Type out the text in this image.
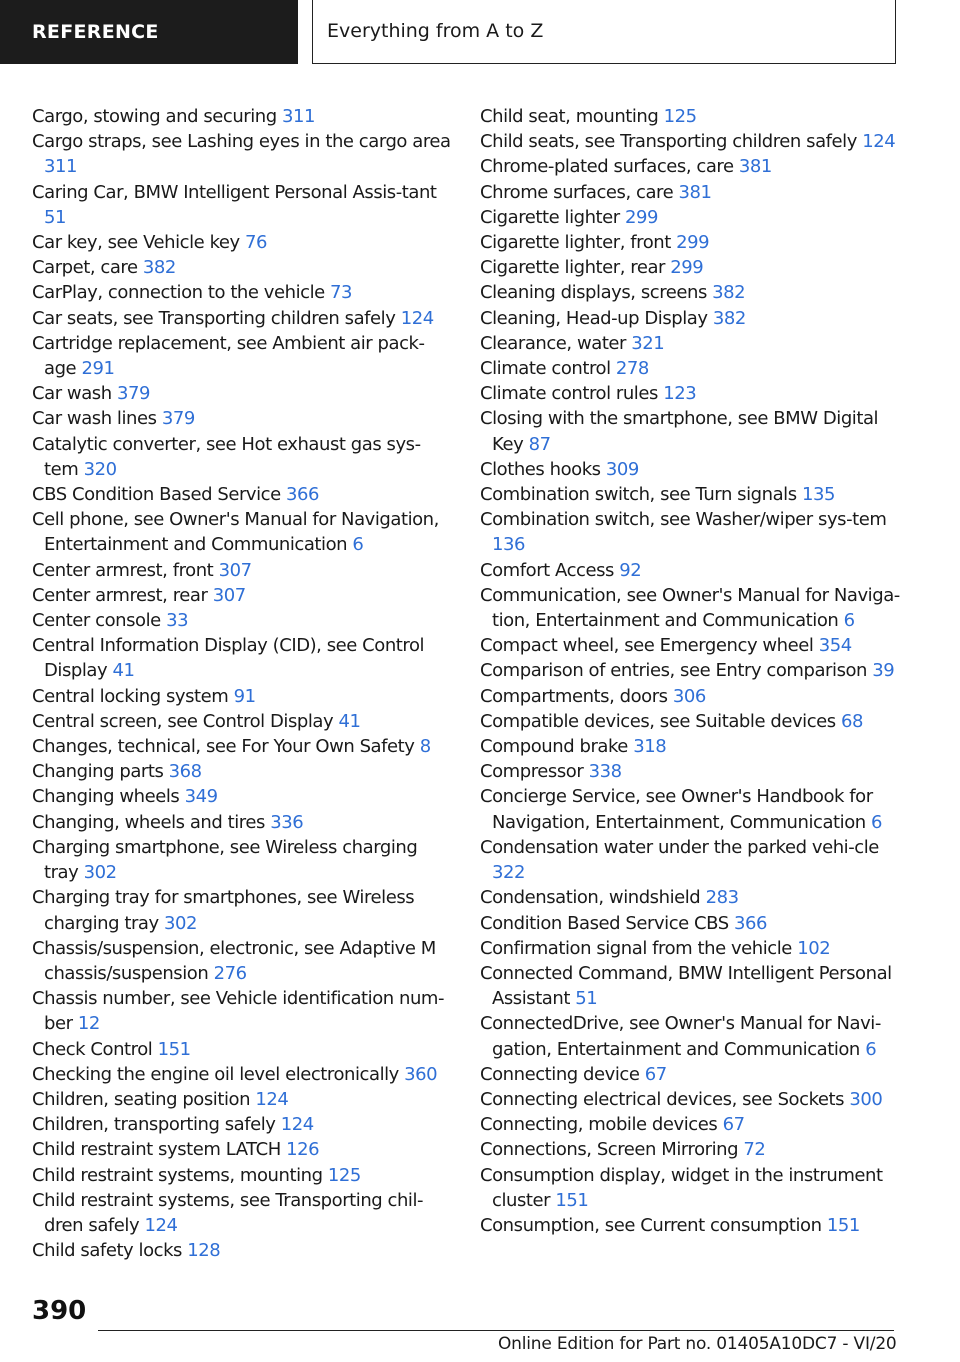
REFERENCE	Everything from A to Z

Cargo, stowing and securing 311

Cargo straps, see Lashing eyes in the cargo area 311

Caring Car, BMW Intelligent Personal Assis-tant 51

Car key, see Vehicle key 76

Carpet, care 382

CarPlay, connection to the vehicle 73

Car seats, see Transporting children safely 124

Cartridge replacement, see Ambient air pack-age 291

Car wash 379

Car wash lines 379

Catalytic converter, see Hot exhaust gas sys-tem 320

CBS Condition Based Service 366

Cell phone, see Owner's Manual for Navigation, Entertainment and Communication 6

Center armrest, front 307

Center armrest, rear 307

Center console 33

Central Information Display (CID), see Control Display 41

Central locking system 91

Central screen, see Control Display 41

Changes, technical, see For Your Own Safety 8

Changing parts 368

Changing wheels 349

Changing, wheels and tires 336

Charging smartphone, see Wireless charging tray 302

Charging tray for smartphones, see Wireless charging tray 302

Chassis/suspension, electronic, see Adaptive M chassis/suspension 276

Chassis number, see Vehicle identification num-ber 12

Check Control 151

Checking the engine oil level electronically 360

Children, seating position 124

Children, transporting safely 124

Child restraint system LATCH 126

Child restraint systems, mounting 125

Child restraint systems, see Transporting chil-dren safely 124

Child safety locks 128

Child seat, mounting 125

Child seats, see Transporting children safely 124

Chrome-plated surfaces, care 381

Chrome surfaces, care 381

Cigarette lighter 299

Cigarette lighter, front 299

Cigarette lighter, rear 299

Cleaning displays, screens 382

Cleaning, Head-up Display 382

Clearance, water 321

Climate control 278

Climate control rules 123

Closing with the smartphone, see BMW Digital Key 87

Clothes hooks 309

Combination switch, see Turn signals 135

Combination switch, see Washer/wiper sys-tem 136

Comfort Access 92

Communication, see Owner's Manual for Naviga-tion, Entertainment and Communication 6

Compact wheel, see Emergency wheel 354

Comparison of entries, see Entry comparison 39

Compartments, doors 306

Compatible devices, see Suitable devices 68

Compound brake 318

Compressor 338

Concierge Service, see Owner's Handbook for Navigation, Entertainment, Communication 6

Condensation water under the parked vehi-cle 322

Condensation, windshield 283

Condition Based Service CBS 366

Confirmation signal from the vehicle 102

Connected Command, BMW Intelligent Personal Assistant 51

ConnectedDrive, see Owner's Manual for Navi-gation, Entertainment and Communication 6

Connecting device 67

Connecting electrical devices, see Sockets 300

Connecting, mobile devices 67

Connections, Screen Mirroring 72

Consumption display, widget in the instrument cluster 151

Consumption, see Current consumption 151

390
Online Edition for Part no. 01405A10DC7 - VI/20
